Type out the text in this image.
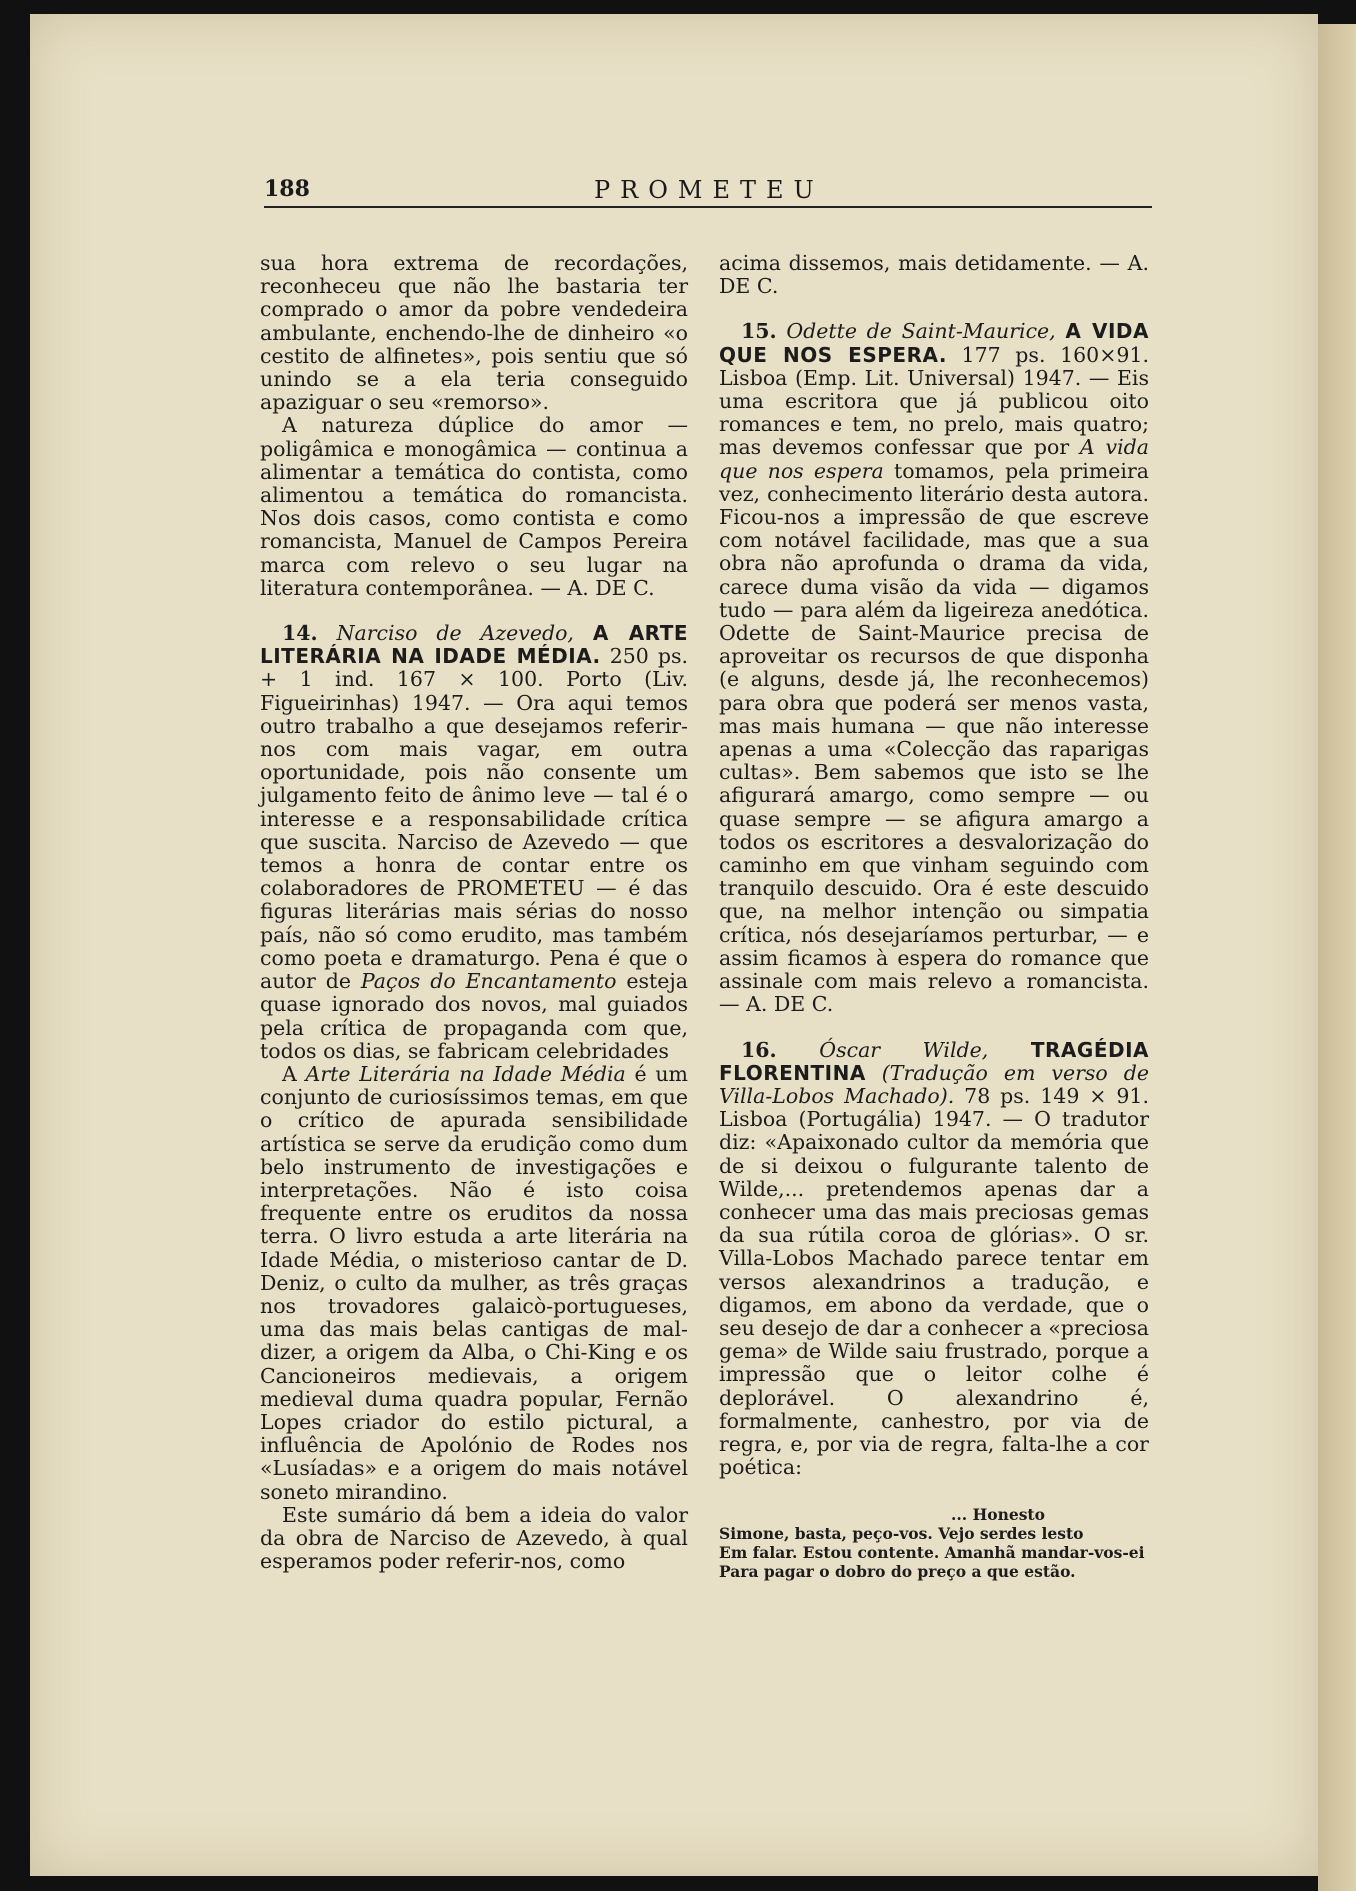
188	PROMETEU

sua hora extrema de recordações, reconheceu que não lhe bastaria ter comprado o amor da pobre vendedeira ambulante, enchendo-lhe de dinheiro «o cestito de alfinetes», pois sentiu que só unindo se a ela teria conseguido apaziguar o seu «remorso».

A natureza dúplice do amor — poligâmica e monogâmica — continua a alimentar a temática do contista, como alimentou a temática do romancista. Nos dois casos, como contista e como romancista, Manuel de Campos Pereira marca com relevo o seu lugar na literatura contemporânea. — A. DE C.

14. Narciso de Azevedo, A ARTE LITERÁRIA NA IDADE MÉDIA. 250 ps. + 1 ind. 167 × 100. Porto (Liv. Figueirinhas) 1947. — Ora aqui temos outro trabalho a que desejamos referir-nos com mais vagar, em outra oportunidade, pois não consente um julgamento feito de ânimo leve — tal é o interesse e a responsabilidade crítica que suscita. Narciso de Azevedo — que temos a honra de contar entre os colaboradores de PROMETEU — é das figuras literárias mais sérias do nosso país, não só como erudito, mas também como poeta e dramaturgo. Pena é que o autor de Paços do Encantamento esteja quase ignorado dos novos, mal guiados pela crítica de propaganda com que, todos os dias, se fabricam celebridades

A Arte Literária na Idade Média é um conjunto de curiosíssimos temas, em que o crítico de apurada sensibilidade artística se serve da erudição como dum belo instrumento de investigações e interpretações. Não é isto coisa frequente entre os eruditos da nossa terra. O livro estuda a arte literária na Idade Média, o misterioso cantar de D. Deniz, o culto da mulher, as três graças nos trovadores galaicò-portugueses, uma das mais belas cantigas de mal-dizer, a origem da Alba, o Chi-King e os Cancioneiros medievais, a origem medieval duma quadra popular, Fernão Lopes criador do estilo pictural, a influência de Apolónio de Rodes nos «Lusíadas» e a origem do mais notável soneto mirandino.

Este sumário dá bem a ideia do valor da obra de Narciso de Azevedo, à qual esperamos poder referir-nos, como

acima dissemos, mais detidamente. — A. DE C.

15. Odette de Saint-Maurice, A VIDA QUE NOS ESPERA. 177 ps. 160×91. Lisboa (Emp. Lit. Universal) 1947. — Eis uma escritora que já publicou oito romances e tem, no prelo, mais quatro; mas devemos confessar que por A vida que nos espera tomamos, pela primeira vez, conhecimento literário desta autora. Ficou-nos a impressão de que escreve com notável facilidade, mas que a sua obra não aprofunda o drama da vida, carece duma visão da vida — digamos tudo — para além da ligeireza anedótica. Odette de Saint-Maurice precisa de aproveitar os recursos de que disponha (e alguns, desde já, lhe reconhecemos) para obra que poderá ser menos vasta, mas mais humana — que não interesse apenas a uma «Colecção das raparigas cultas». Bem sabemos que isto se lhe afigurará amargo, como sempre — ou quase sempre — se afigura amargo a todos os escritores a desvalorização do caminho em que vinham seguindo com tranquilo descuido. Ora é este descuido que, na melhor intenção ou simpatia crítica, nós desejaríamos perturbar, — e assim ficamos à espera do romance que assinale com mais relevo a romancista. — A. DE C.

16. Óscar Wilde, TRAGÉDIA FLORENTINA (Tradução em verso de Villa-Lobos Machado). 78 ps. 149 × 91. Lisboa (Portugália) 1947. — O tradutor diz: «Apaixonado cultor da memória que de si deixou o fulgurante talento de Wilde,... pretendemos apenas dar a conhecer uma das mais preciosas gemas da sua rútila coroa de glórias». O sr. Villa-Lobos Machado parece tentar em versos alexandrinos a tradução, e digamos, em abono da verdade, que o seu desejo de dar a conhecer a «preciosa gema» de Wilde saiu frustrado, porque a impressão que o leitor colhe é deplorável. O alexandrino é, formalmente, canhestro, por via de regra, e, por via de regra, falta-lhe a cor poética:

... Honesto
Simone, basta, peço-vos. Vejo serdes lesto
Em falar. Estou contente. Amanhã mandar-vos-ei
Para pagar o dobro do preço a que estão.
